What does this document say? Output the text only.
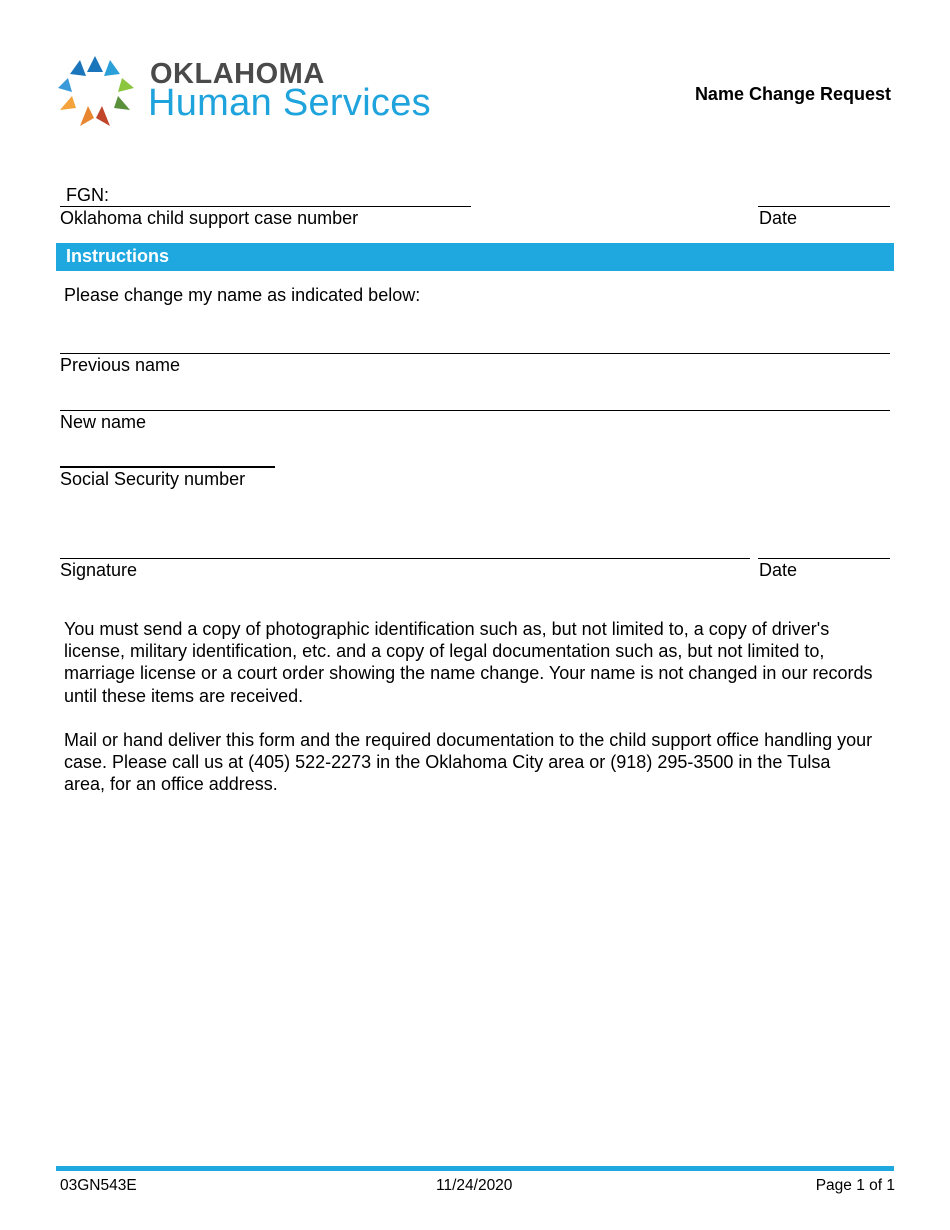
OKLAHOMA
Human Services	Name Change Request
FGN:
Oklahoma child support case number	Date
Instructions
Please change my name as indicated below:
Previous name
New name
Social Security number
Signature	Date
You must send a copy of photographic identification such as, but not limited to, a copy of driver's license, military identification, etc. and a copy of legal documentation such as, but not limited to, marriage license or a court order showing the name change. Your name is not changed in our records until these items are received.
Mail or hand deliver this form and the required documentation to the child support office handling your case. Please call us at (405) 522-2273 in the Oklahoma City area or (918) 295-3500 in the Tulsa area, for an office address.
03GN543E	11/24/2020	Page 1 of 1
